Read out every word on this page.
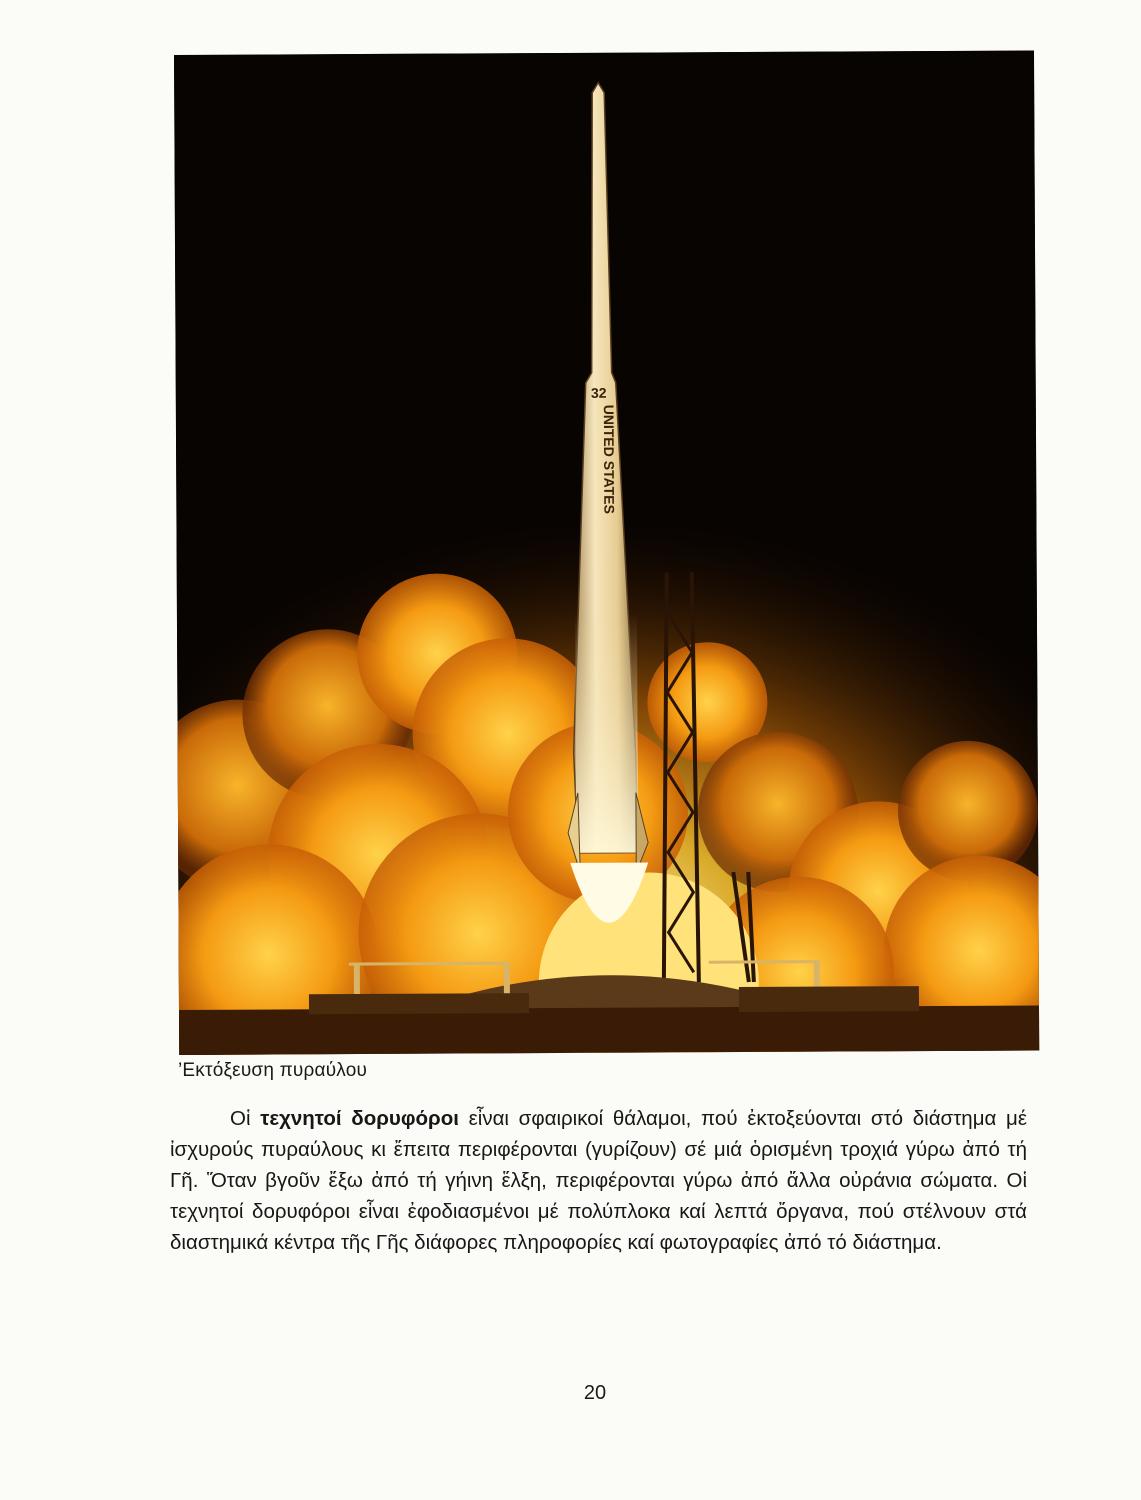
32
UNITED STATES
’Εκτόξευση πυραύλου

Οἱ τεχνητοί δορυφόροι εἶναι σφαιρικοί θάλαμοι, πού ἐκτοξεύονται στό διάστημα μέ ἰσχυρούς πυραύλους κι ἔπειτα περιφέρονται (γυρίζουν) σέ μιά ὁρισμένη τροχιά γύρω ἀπό τή Γῆ. Ὅταν βγοῦν ἔξω ἀπό τή γήινη ἕλξη, περιφέρονται γύρω ἀπό ἄλλα οὐράνια σώματα. Οἱ τεχνητοί δορυφόροι εἶναι ἐφοδιασμένοι μέ πολύπλοκα καί λεπτά ὄργανα, πού στέλνουν στά διαστημικά κέντρα τῆς Γῆς διάφορες πληροφορίες καί φωτογραφίες ἀπό τό διάστημα.

20
